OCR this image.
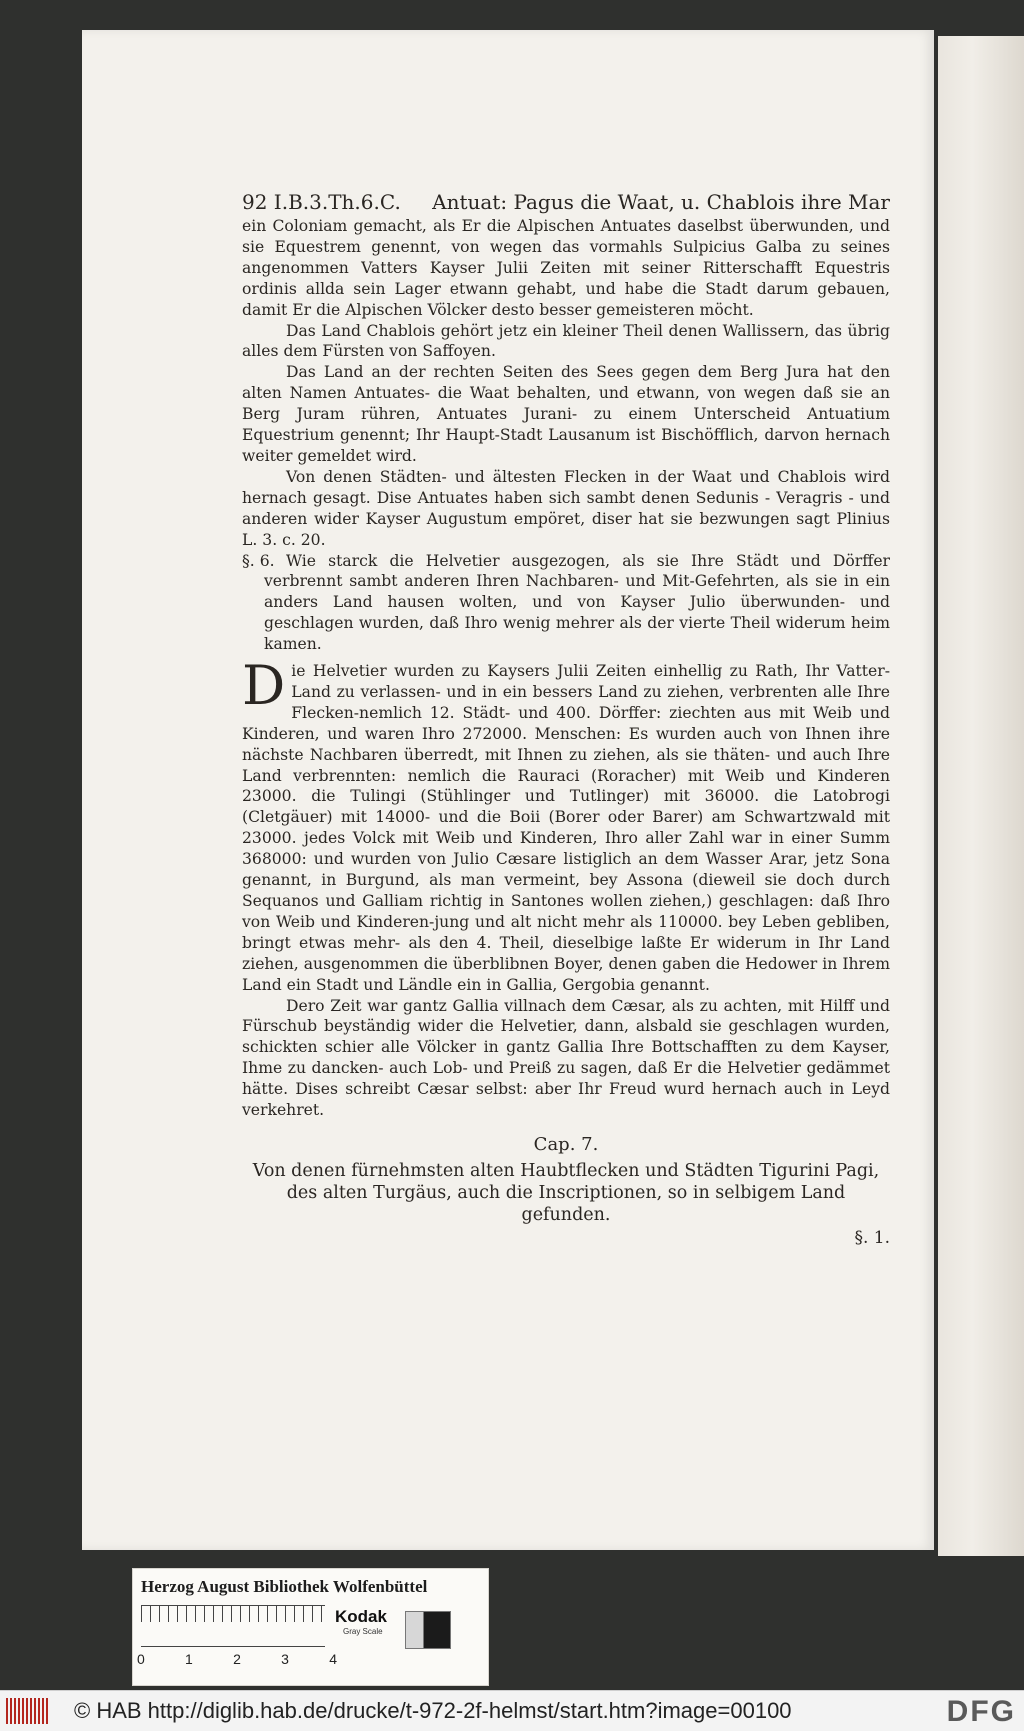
92 I.B.3.Th.6.C. Antuat: Pagus die Waat, u. Chablois ihre Mar

ein Coloniam gemacht, als Er die Alpischen Antuates daselbst überwunden, und sie Equestrem genennt, von wegen das vormahls Sulpicius Galba zu seines angenommen Vatters Kayser Julii Zeiten mit seiner Ritterschafft Equestris ordinis allda sein Lager etwann gehabt, und habe die Stadt darum gebauen, damit Er die Alpischen Völcker desto besser gemeisteren möcht.

Das Land Chablois gehört jetz ein kleiner Theil denen Wallissern, das übrig alles dem Fürsten von Saffoyen.

Das Land an der rechten Seiten des Sees gegen dem Berg Jura hat den alten Namen Antuates- die Waat behalten, und etwann, von wegen daß sie an Berg Juram rühren, Antuates Jurani- zu einem Unterscheid Antuatium Equestrium genennt; Ihr Haupt-Stadt Lausanum ist Bischöfflich, darvon hernach weiter gemeldet wird.

Von denen Städten- und ältesten Flecken in der Waat und Chablois wird hernach gesagt. Dise Antuates haben sich sambt denen Sedunis - Veragris - und anderen wider Kayser Augustum empöret, diser hat sie bezwungen sagt Plinius L. 3. c. 20.

§. 6. Wie starck die Helvetier ausgezogen, als sie Ihre Städt und Dörffer verbrennt sambt anderen Ihren Nachbaren- und Mit-Gefehrten, als sie in ein anders Land hausen wolten, und von Kayser Julio überwunden- und geschlagen wurden, daß Ihro wenig mehrer als der vierte Theil widerum heim kamen.

Die Helvetier wurden zu Kaysers Julii Zeiten einhellig zu Rath, Ihr Vatter-Land zu verlassen- und in ein bessers Land zu ziehen, verbrenten alle Ihre Flecken-nemlich 12. Städt- und 400. Dörffer: ziechten aus mit Weib und Kinderen, und waren Ihro 272000. Menschen: Es wurden auch von Ihnen ihre nächste Nachbaren überredt, mit Ihnen zu ziehen, als sie thäten- und auch Ihre Land verbrennten: nemlich die Rauraci (Roracher) mit Weib und Kinderen 23000. die Tulingi (Stühlinger und Tutlinger) mit 36000. die Latobrogi (Cletgäuer) mit 14000- und die Boii (Borer oder Barer) am Schwartzwald mit 23000. jedes Volck mit Weib und Kinderen, Ihro aller Zahl war in einer Summ 368000: und wurden von Julio Cæsare listiglich an dem Wasser Arar, jetz Sona genannt, in Burgund, als man vermeint, bey Assona (dieweil sie doch durch Sequanos und Galliam richtig in Santones wollen ziehen,) geschlagen: daß Ihro von Weib und Kinderen-jung und alt nicht mehr als 110000. bey Leben gebliben, bringt etwas mehr- als den 4. Theil, dieselbige laßte Er widerum in Ihr Land ziehen, ausgenommen die überblibnen Boyer, denen gaben die Hedower in Ihrem Land ein Stadt und Ländle ein in Gallia, Gergobia genannt.

Dero Zeit war gantz Gallia villnach dem Cæsar, als zu achten, mit Hilff und Fürschub beyständig wider die Helvetier, dann, alsbald sie geschlagen wurden, schickten schier alle Völcker in gantz Gallia Ihre Bottschafften zu dem Kayser, Ihme zu dancken- auch Lob- und Preiß zu sagen, daß Er die Helvetier gedämmet hätte. Dises schreibt Cæsar selbst: aber Ihr Freud wurd hernach auch in Leyd verkehret.

Cap. 7.
Von denen fürnehmsten alten Haubtflecken und Städten Tigurini Pagi, des alten Turgäus, auch die Inscriptionen, so in selbigem Land gefunden.
§. 1.
Herzog August Bibliothek Wolfenbüttel
0	1	2	3	4
Kodak
Gray Scale
© HAB http://diglib.hab.de/drucke/t-972-2f-helmst/start.htm?image=00100	DFG
